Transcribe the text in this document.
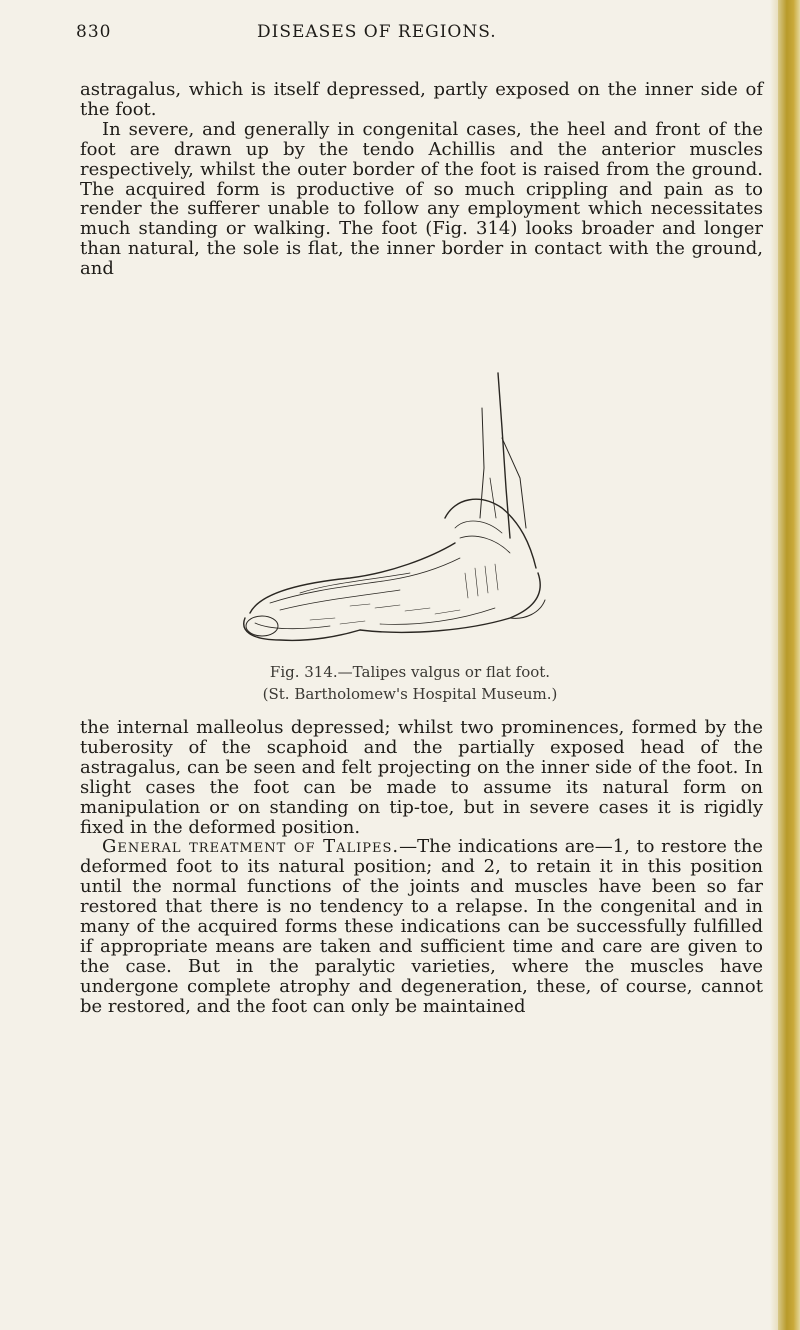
830	DISEASES OF REGIONS.

astragalus, which is itself depressed, partly exposed on the inner side of the foot.

In severe, and generally in congenital cases, the heel and front of the foot are drawn up by the tendo Achillis and the anterior muscles respectively, whilst the outer border of the foot is raised from the ground. The acquired form is productive of so much crippling and pain as to render the sufferer unable to follow any employment which necessitates much standing or walking. The foot (Fig. 314) looks broader and longer than natural, the sole is flat, the inner border in contact with the ground, and

Fig. 314.—Talipes valgus or flat foot.
(St. Bartholomew's Hospital Museum.)

the internal malleolus depressed; whilst two prominences, formed by the tuberosity of the scaphoid and the partially exposed head of the astragalus, can be seen and felt projecting on the inner side of the foot. In slight cases the foot can be made to assume its natural form on manipulation or on standing on tip-toe, but in severe cases it is rigidly fixed in the deformed position.

General treatment of Talipes.—The indications are—1, to restore the deformed foot to its natural position; and 2, to retain it in this position until the normal functions of the joints and muscles have been so far restored that there is no tendency to a relapse. In the congenital and in many of the acquired forms these indications can be successfully fulfilled if appropriate means are taken and sufficient time and care are given to the case. But in the paralytic varieties, where the muscles have undergone complete atrophy and degeneration, these, of course, cannot be restored, and the foot can only be maintained
